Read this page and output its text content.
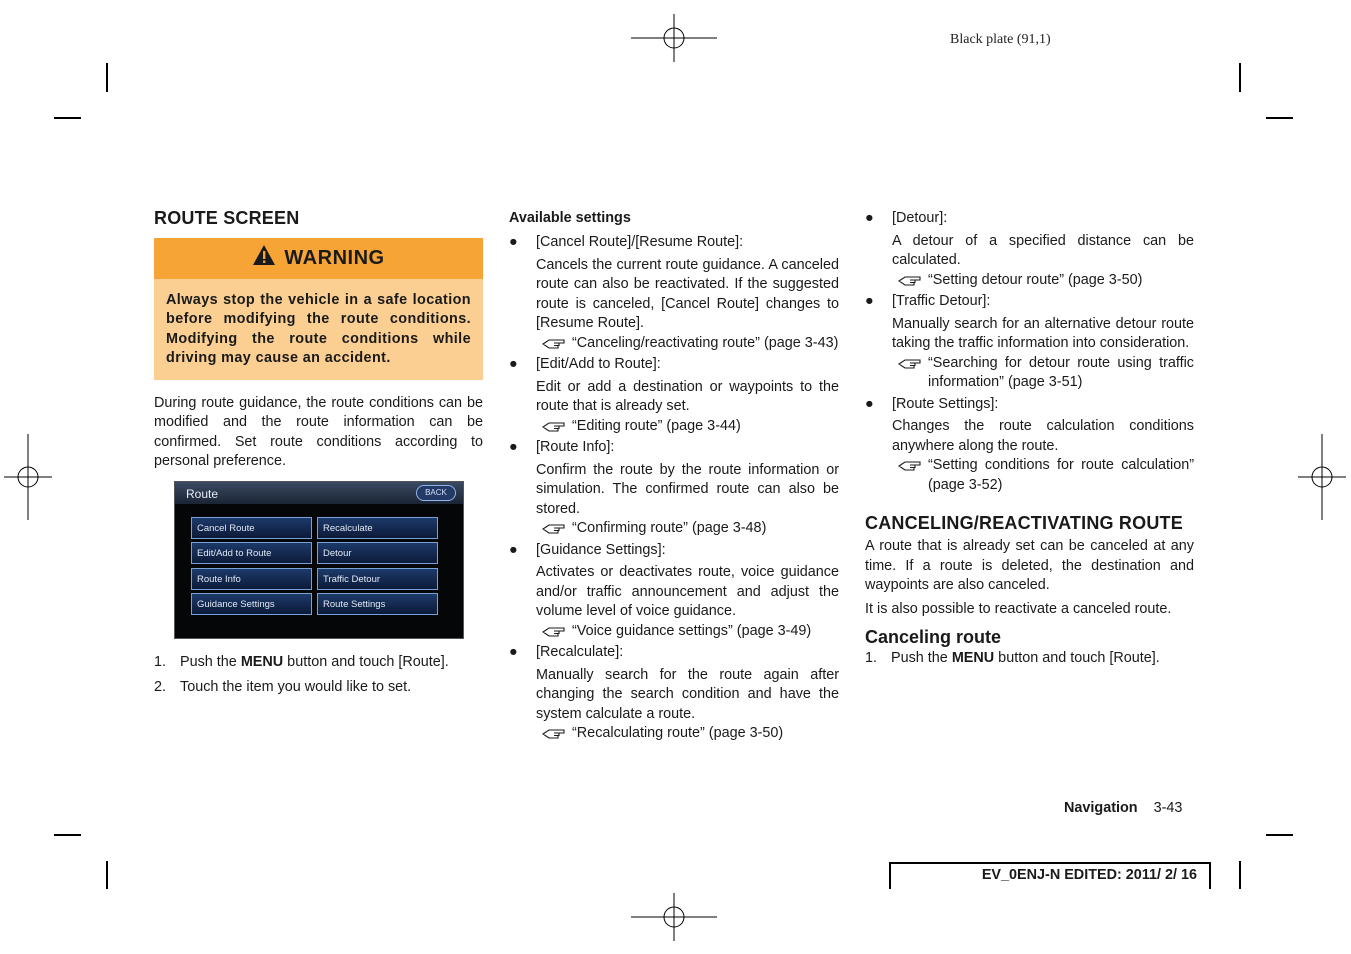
Black plate (91,1)
ROUTE SCREEN
WARNING
Always stop the vehicle in a safe location before modifying the route conditions. Modifying the route conditions while driving may cause an accident.

During route guidance, the route conditions can be modified and the route information can be confirmed. Set route conditions according to personal preference.

Route	BACK
Cancel Route	Recalculate
Edit/Add to Route	Detour
Route Info	Traffic Detour
Guidance Settings	Route Settings
1. Push the MENU button and touch [Route].
2. Touch the item you would like to set.
Available settings
● [Cancel Route]/[Resume Route]:
Cancels the current route guidance. A canceled route can also be reactivated. If the suggested route is canceled, [Cancel Route] changes to [Resume Route].
“Canceling/reactivating route” (page 3-43)
● [Edit/Add to Route]:
Edit or add a destination or waypoints to the route that is already set.
“Editing route” (page 3-44)
● [Route Info]:
Confirm the route by the route information or simulation. The confirmed route can also be stored.
“Confirming route” (page 3-48)
● [Guidance Settings]:
Activates or deactivates route, voice guidance and/or traffic announcement and adjust the volume level of voice guidance.
“Voice guidance settings” (page 3-49)
● [Recalculate]:
Manually search for the route again after changing the search condition and have the system calculate a route.
“Recalculating route” (page 3-50)
● [Detour]:
A detour of a specified distance can be calculated.
“Setting detour route” (page 3-50)
● [Traffic Detour]:
Manually search for an alternative detour route taking the traffic information into consideration.
“Searching for detour route using traffic information” (page 3-51)
● [Route Settings]:
Changes the route calculation conditions anywhere along the route.
“Setting conditions for route calculation” (page 3-52)
CANCELING/REACTIVATING ROUTE

A route that is already set can be canceled at any time. If a route is deleted, the destination and waypoints are also canceled.

It is also possible to reactivate a canceled route.

Canceling route
1. Push the MENU button and touch [Route].
Navigation 3-43
EV_0ENJ-N EDITED: 2011/ 2/ 16
